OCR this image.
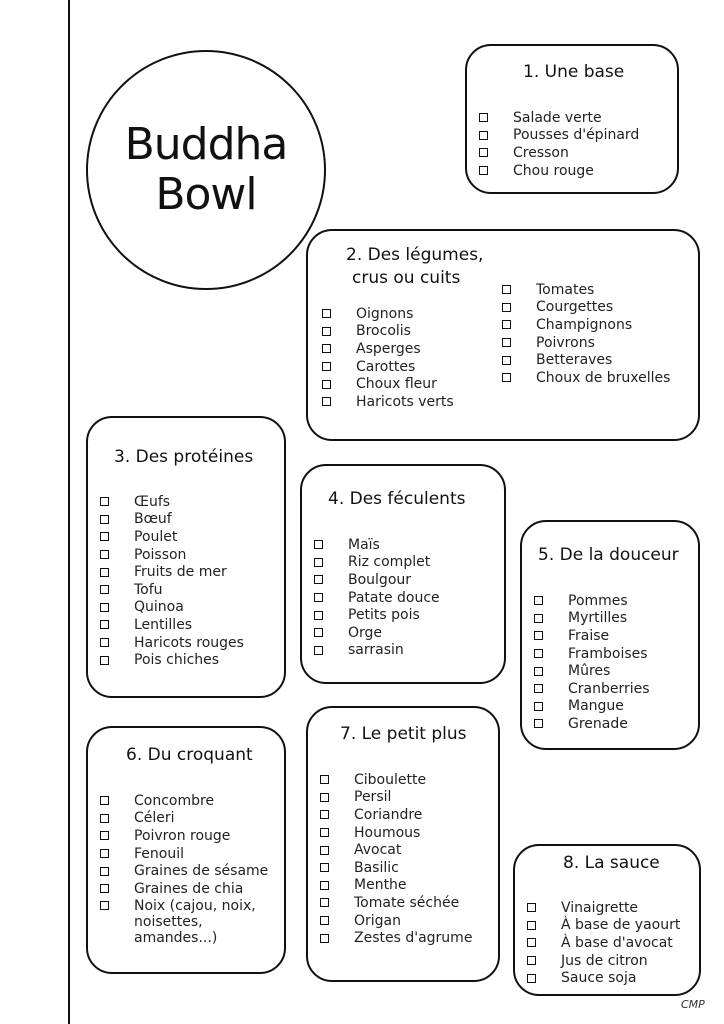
Buddha
Bowl
1. Une base
Salade verte
Pousses d'épinard
Cresson
Chou rouge
2. Des légumes,
crus ou cuits
Oignons
Brocolis
Asperges
Carottes
Choux fleur
Haricots verts
Tomates
Courgettes
Champignons
Poivrons
Betteraves
Choux de bruxelles
3. Des protéines
Œufs
Bœuf
Poulet
Poisson
Fruits de mer
Tofu
Quinoa
Lentilles
Haricots rouges
Pois chiches
4. Des féculents
Maïs
Riz complet
Boulgour
Patate douce
Petits pois
Orge
sarrasin
5. De la douceur
Pommes
Myrtilles
Fraise
Framboises
Mûres
Cranberries
Mangue
Grenade
6. Du croquant
Concombre
Céleri
Poivron rouge
Fenouil
Graines de sésame
Graines de chia
Noix (cajou, noix,
noisettes,
amandes...)
7. Le petit plus
Ciboulette
Persil
Coriandre
Houmous
Avocat
Basilic
Menthe
Tomate séchée
Origan
Zestes d'agrume
8. La sauce
Vinaigrette
À base de yaourt
À base d'avocat
Jus de citron
Sauce soja
CMP
